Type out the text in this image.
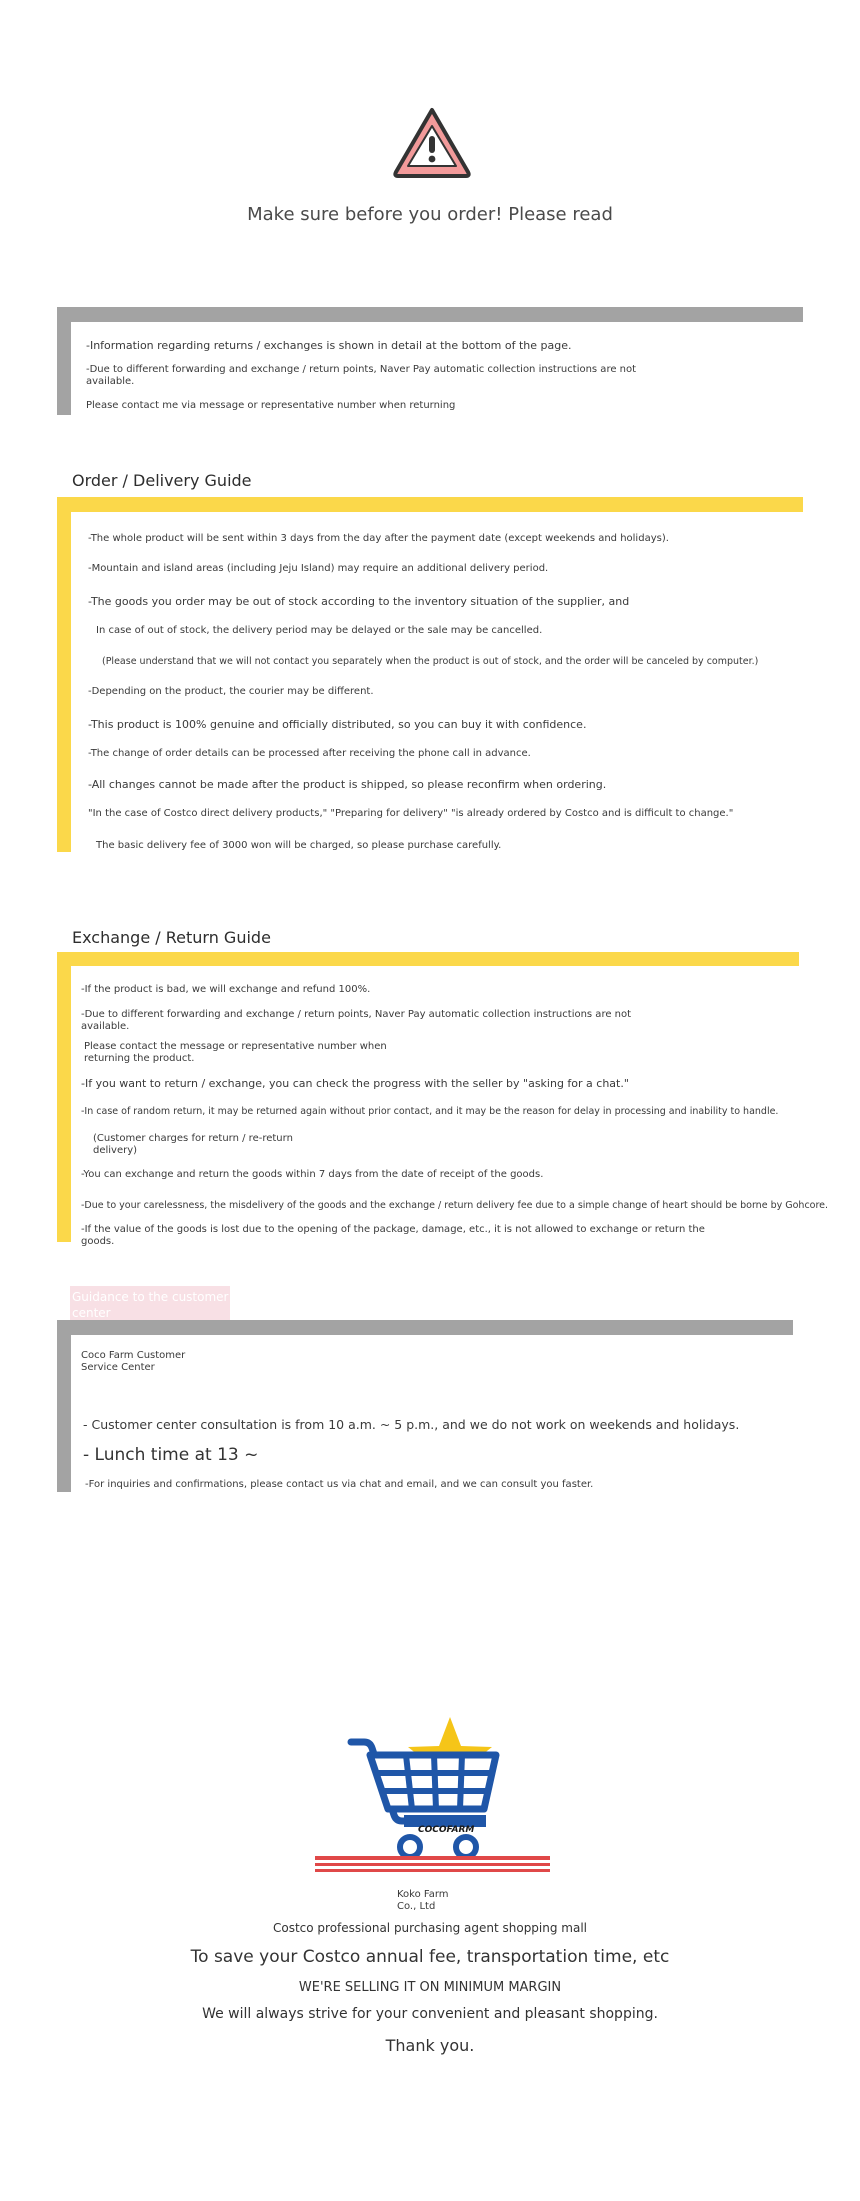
Make sure before you order! Please read
-Information regarding returns / exchanges is shown in detail at the bottom of the page.
-Due to different forwarding and exchange / return points, Naver Pay automatic collection instructions are not
available.
Please contact me via message or representative number when returning
Order / Delivery Guide
-The whole product will be sent within 3 days from the day after the payment date (except weekends and holidays).
-Mountain and island areas (including Jeju Island) may require an additional delivery period.
-The goods you order may be out of stock according to the inventory situation of the supplier, and
In case of out of stock, the delivery period may be delayed or the sale may be cancelled.
(Please understand that we will not contact you separately when the product is out of stock, and the order will be canceled by computer.)
-Depending on the product, the courier may be different.
-This product is 100% genuine and officially distributed, so you can buy it with confidence.
-The change of order details can be processed after receiving the phone call in advance.
-All changes cannot be made after the product is shipped, so please reconfirm when ordering.
"In the case of Costco direct delivery products," "Preparing for delivery" "is already ordered by Costco and is difficult to change."
The basic delivery fee of 3000 won will be charged, so please purchase carefully.
Exchange / Return Guide
-If the product is bad, we will exchange and refund 100%.
-Due to different forwarding and exchange / return points, Naver Pay automatic collection instructions are not
available.
Please contact the message or representative number when
returning the product.
-If you want to return / exchange, you can check the progress with the seller by "asking for a chat."
-In case of random return, it may be returned again without prior contact, and it may be the reason for delay in processing and inability to handle.
(Customer charges for return / re-return
delivery)
-You can exchange and return the goods within 7 days from the date of receipt of the goods.
-Due to your carelessness, the misdelivery of the goods and the exchange / return delivery fee due to a simple change of heart should be borne by Gohcore.
-If the value of the goods is lost due to the opening of the package, damage, etc., it is not allowed to exchange or return the
goods.
Guidance to the customer
center
Coco Farm Customer
Service Center
- Customer center consultation is from 10 a.m. ~ 5 p.m., and we do not work on weekends and holidays.
- Lunch time at 13 ~
-For inquiries and confirmations, please contact us via chat and email, and we can consult you faster.
COCOFARM
Koko Farm
Co., Ltd
Costco professional purchasing agent shopping mall
To save your Costco annual fee, transportation time, etc
WE'RE SELLING IT ON MINIMUM MARGIN
We will always strive for your convenient and pleasant shopping.
Thank you.
